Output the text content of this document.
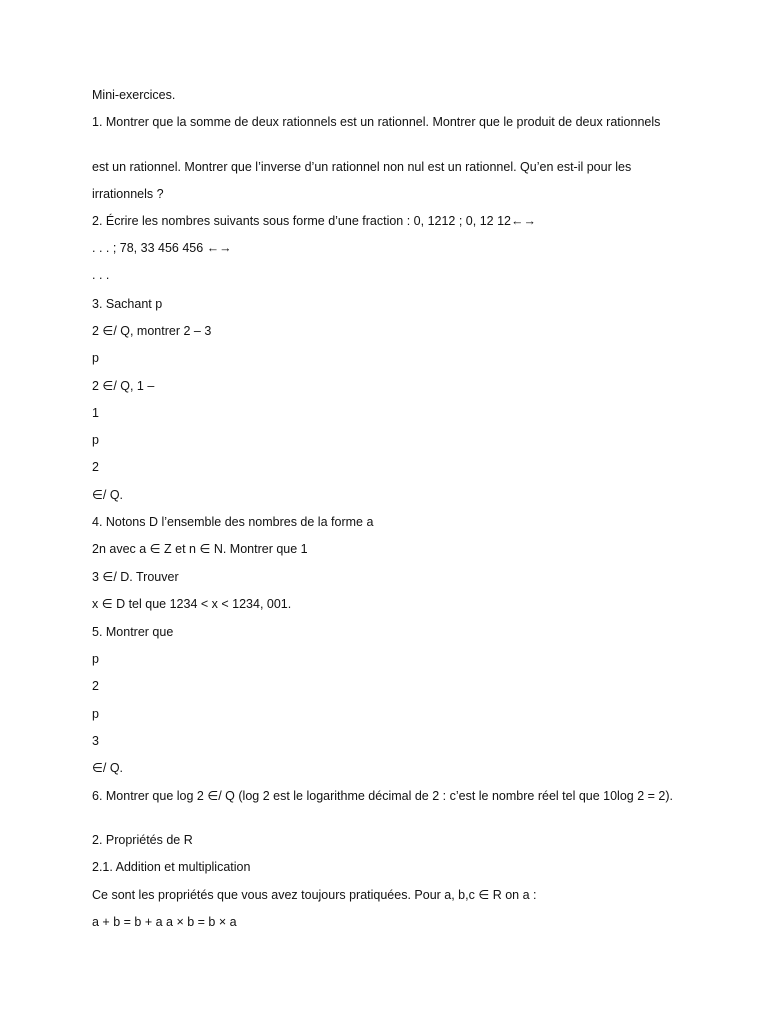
Mini-exercices.

1. Montrer que la somme de deux rationnels est un rationnel. Montrer que le produit de deux rationnels

est un rationnel. Montrer que l’inverse d’un rationnel non nul est un rationnel. Qu’en est-il pour les

irrationnels ?

2. Écrire les nombres suivants sous forme d’une fraction : 0, 1212 ; 0, 12 12←→

. . . ; 78, 33 456 456 ←→

. . .

3. Sachant p

2 ∈/ Q, montrer 2 – 3

p

2 ∈/ Q, 1 –

1

p

2

∈/ Q.

4. Notons D l’ensemble des nombres de la forme a

2n avec a ∈ Z et n ∈ N. Montrer que 1

3 ∈/ D. Trouver

x ∈ D tel que 1234 < x < 1234, 001.

5. Montrer que

p

2

p

3

∈/ Q.

6. Montrer que log 2 ∈/ Q (log 2 est le logarithme décimal de 2 : c’est le nombre réel tel que 10log 2 = 2).

2. Propriétés de R

2.1. Addition et multiplication

Ce sont les propriétés que vous avez toujours pratiquées. Pour a, b,c ∈ R on a :

a + b = b + a a × b = b × a
